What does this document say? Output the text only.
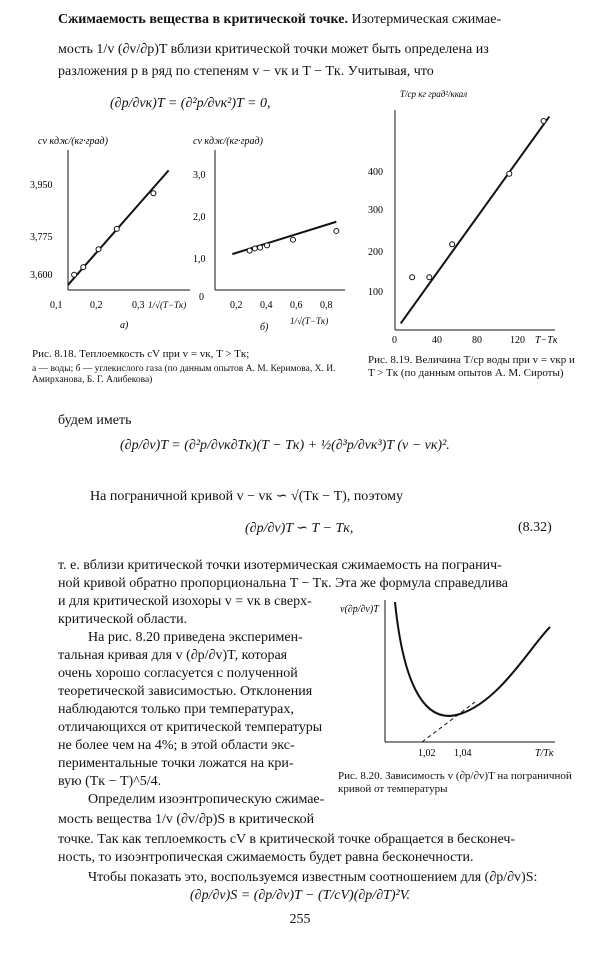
Сжимаемость вещества в критической точке. Изотермическая сжимае-
мость 1/v (∂v/∂p)T вблизи критической точки может быть определена из
разложения p в ряд по степеням v − vк и T − Tк. Учитывая, что
(∂p/∂vк)T = (∂²p/∂vк²)T = 0,
cv кдж/(кг·град)
0,1	0,2	0,3 1/√(T−Tк)
3,950
3,775
3,600
а)
cv кдж/(кг·град)
0,2 0,4 0,6 0,8
1/√(T−Tк)
3,0
2,0
1,0
0
б)
T/cp кг град²/ккал
0	40	80	120 T−Tк
400
300
200
100
Рис. 8.18. Теплоемкость cV при v = vк, T > Tк;
а — воды; б — углекислого газа (по данным опытов А. М. Керимова, Х. И. Амирханова, Б. Г. Алибекова)
Рис. 8.19. Величина T/cp воды при v = vкр и T > Tк (по данным опытов А. М. Сироты)
будем иметь
(∂p/∂v)T = (∂²p/∂vк∂Tк)(T − Tк) + ½(∂³p/∂vк³)T (v − vк)².
На пограничной кривой v − vк ∽ √(Tк − T), поэтому
(∂p/∂v)T ∽ T − Tк,	(8.32)
т. е. вблизи критической точки изотермическая сжимаемость на погранич-
ной кривой обратно пропорциональна T − Tк. Эта же формула справедлива
и для критической изохоры v = vк в сверх-
критической области.
На рис. 8.20 приведена эксперимен-
тальная кривая для v (∂p/∂v)T, которая
очень хорошо согласуется с полученной
теоретической зависимостью. Отклонения
наблюдаются только при температурах,
отличающихся от критической температуры
не более чем на 4%; в этой области экс-
периментальные точки ложатся на кри-
вую (Tк − T)^5/4.
v(∂p/∂v)T
1,02 1,04	T/Tк
Рис. 8.20. Зависимость v (∂p/∂v)T на пограничной кривой от температуры
Определим изоэнтропическую сжимае-
мость вещества 1/v (∂v/∂p)S в критической
точке. Так как теплоемкость cV в критической точке обращается в бесконеч-
ность, то изоэнтропическая сжимаемость будет равна бесконечности.
Чтобы показать это, воспользуемся известным соотношением для (∂p/∂v)S:
(∂p/∂v)S = (∂p/∂v)T − (T/cV)(∂p/∂T)²V.
255
